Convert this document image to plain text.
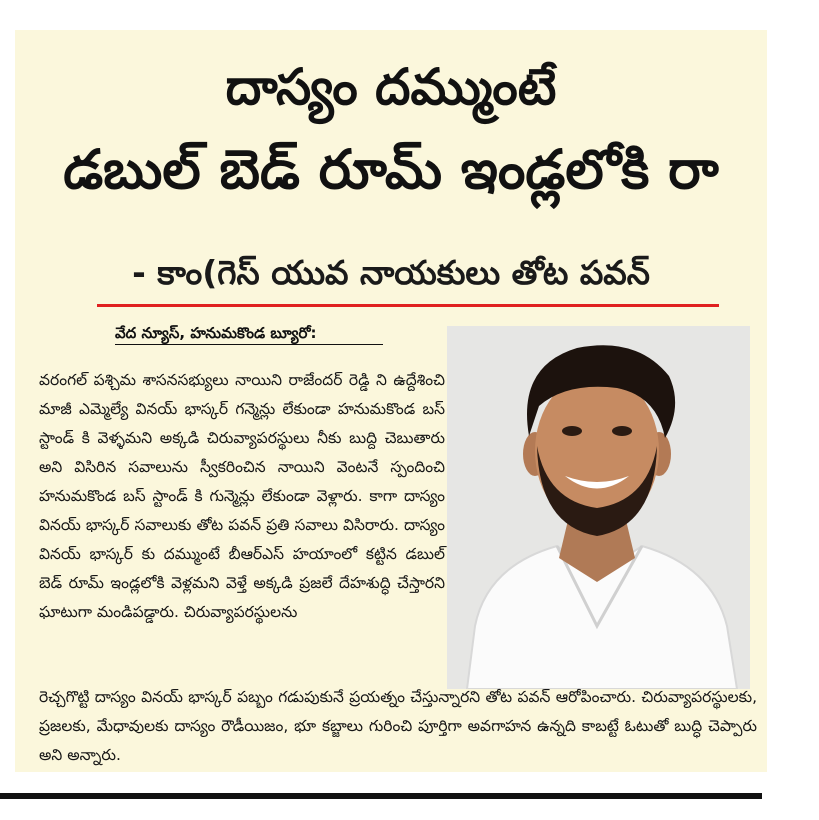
దాస్యం దమ్ముంటే
డబుల్ బెడ్ రూమ్ ఇండ్లలోకి రా
- కాం(గెస్ యువ నాయకులు తోట పవన్
వేద న్యూస్, హనుమకొండ బ్యూరో:
వరంగల్ పశ్చిమ శాసనసభ్యులు నాయిని రాజేందర్ రెడ్డి ని ఉద్దేశించి మాజీ ఎమ్మెల్యే వినయ్ భాస్కర్ గన్మెన్లు లేకుండా హనుమకొండ బస్ స్టాండ్ కి వెళ్ళమని అక్కడి చిరువ్యాపరస్థులు నీకు బుద్ది చెబుతారు అని విసిరిన సవాలును స్వీకరించిన నాయిని వెంటనే స్పందించి హనుమకొండ బస్ స్టాండ్ కి గున్మెన్లు లేకుండా వెళ్లారు. కాగా దాస్యం వినయ్ భాస్కర్ సవాలుకు తోట పవన్ ప్రతి సవాలు విసిరారు. దాస్యం వినయ్ భాస్కర్ కు దమ్ముంటే బీఆర్ఎస్ హయాంలో కట్టిన డబుల్ బెడ్ రూమ్ ఇండ్లలోకి వెళ్లమని వెళ్తే అక్కడి ప్రజలే దేహశుద్ధి చేస్తారని ఘాటుగా మండిపడ్డారు. చిరువ్యాపరస్థులను
రెచ్చగొట్టి దాస్యం వినయ్ భాస్కర్ పబ్బం గడుపుకునే ప్రయత్నం చేస్తున్నారని తోట పవన్ ఆరోపించారు. చిరువ్యాపరస్థులకు, ప్రజలకు, మేధావులకు దాస్యం రౌడీయిజం, భూ కబ్జాలు గురించి పూర్తిగా అవగాహన ఉన్నది కాబట్టే ఓటుతో బుద్ధి చెప్పారు అని అన్నారు.
